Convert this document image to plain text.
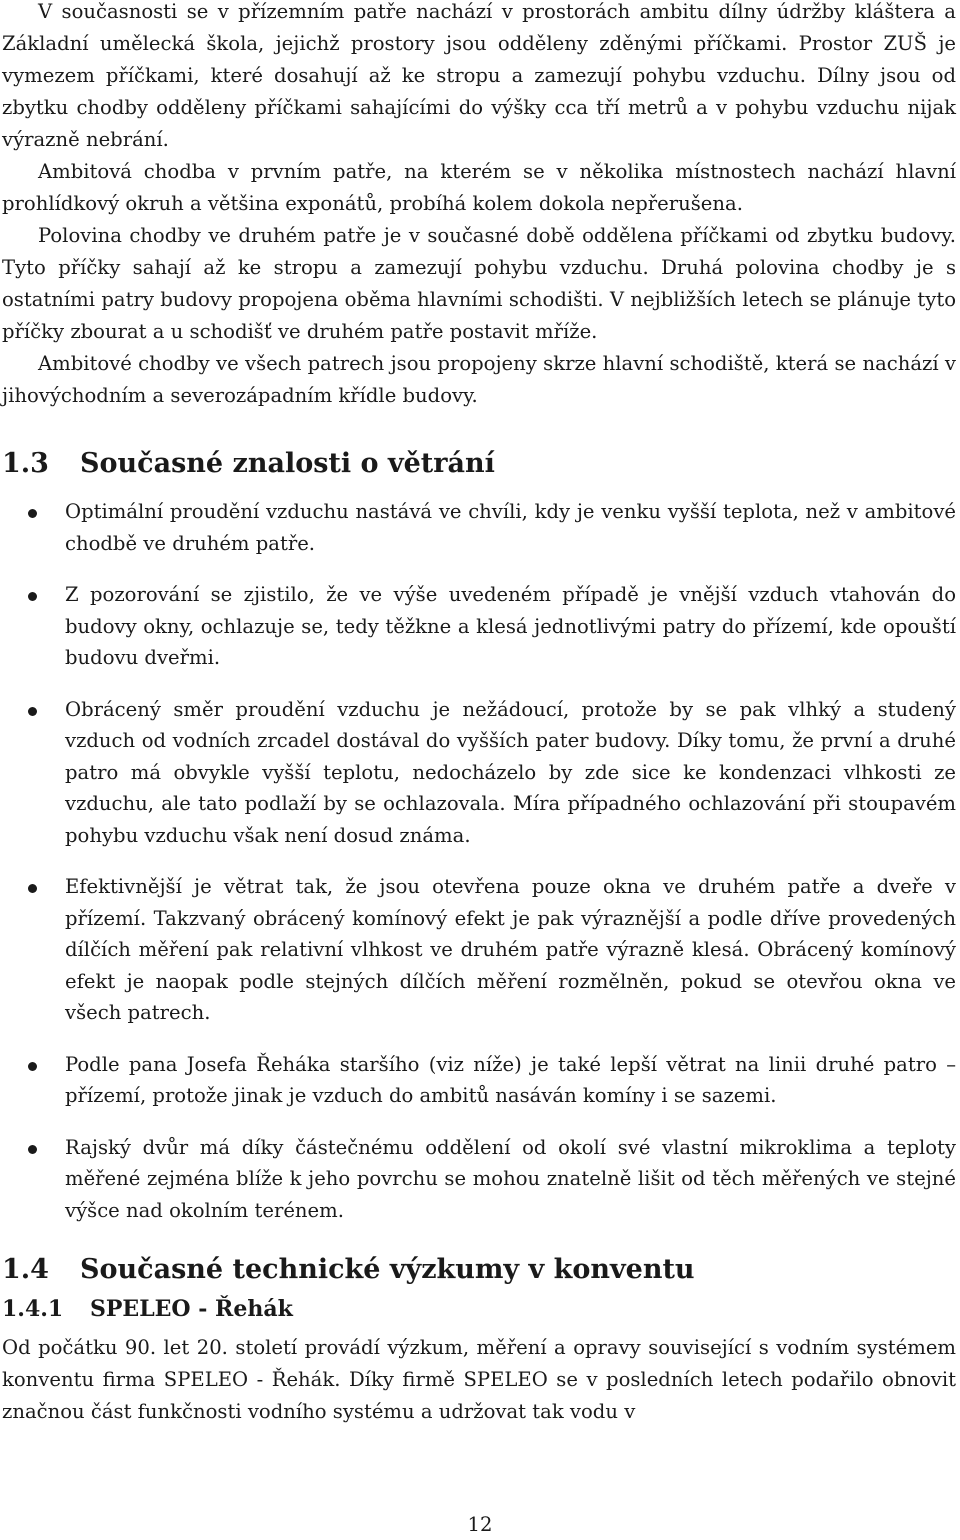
V současnosti se v přízemním patře nachází v prostorách ambitu dílny údržby kláštera a Základní umělecká škola, jejichž prostory jsou odděleny zděnými příčkami. Prostor ZUŠ je vymezem příčkami, které dosahují až ke stropu a zamezují pohybu vzduchu. Dílny jsou od zbytku chodby odděleny příčkami sahajícími do výšky cca tří metrů a v pohybu vzduchu nijak výrazně nebrání.

Ambitová chodba v prvním patře, na kterém se v několika místnostech nachází hlavní prohlídkový okruh a většina exponátů, probíhá kolem dokola nepřerušena.

Polovina chodby ve druhém patře je v současné době oddělena příčkami od zbytku budovy. Tyto příčky sahají až ke stropu a zamezují pohybu vzduchu. Druhá polovina chodby je s ostatními patry budovy propojena oběma hlavními schodišti. V nejbližších letech se plánuje tyto příčky zbourat a u schodišť ve druhém patře postavit mříže.

Ambitové chodby ve všech patrech jsou propojeny skrze hlavní schodiště, která se nachází v jihovýchodním a severozápadním křídle budovy.

1.3	Současné znalosti o větrání
Optimální proudění vzduchu nastává ve chvíli, kdy je venku vyšší teplota, než v ambitové chodbě ve druhém patře.
Z pozorování se zjistilo, že ve výše uvedeném případě je vnější vzduch vtahován do budovy okny, ochlazuje se, tedy těžkne a klesá jednotlivými patry do přízemí, kde opouští budovu dveřmi.
Obrácený směr proudění vzduchu je nežádoucí, protože by se pak vlhký a studený vzduch od vodních zrcadel dostával do vyšších pater budovy. Díky tomu, že první a druhé patro má obvykle vyšší teplotu, nedocházelo by zde sice ke kondenzaci vlhkosti ze vzduchu, ale tato podlaží by se ochlazovala. Míra případného ochlazování při stoupavém pohybu vzduchu však není dosud známa.
Efektivnější je větrat tak, že jsou otevřena pouze okna ve druhém patře a dveře v přízemí. Takzvaný obrácený komínový efekt je pak výraznější a podle dříve provedených dílčích měření pak relativní vlhkost ve druhém patře výrazně klesá. Obrácený komínový efekt je naopak podle stejných dílčích měření rozmělněn, pokud se otevřou okna ve všech patrech.
Podle pana Josefa Řeháka staršího (viz níže) je také lepší větrat na linii druhé patro – přízemí, protože jinak je vzduch do ambitů nasáván komíny i se sazemi.
Rajský dvůr má díky částečnému oddělení od okolí své vlastní mikroklima a teploty měřené zejména blíže k jeho povrchu se mohou znatelně lišit od těch měřených ve stejné výšce nad okolním terénem.
1.4	Současné technické výzkumy v konventu
1.4.1	SPELEO - Řehák

Od počátku 90. let 20. století provádí výzkum, měření a opravy související s vodním systémem konventu firma SPELEO - Řehák. Díky firmě SPELEO se v posledních letech podařilo obnovit značnou část funkčnosti vodního systému a udržovat tak vodu v

12
